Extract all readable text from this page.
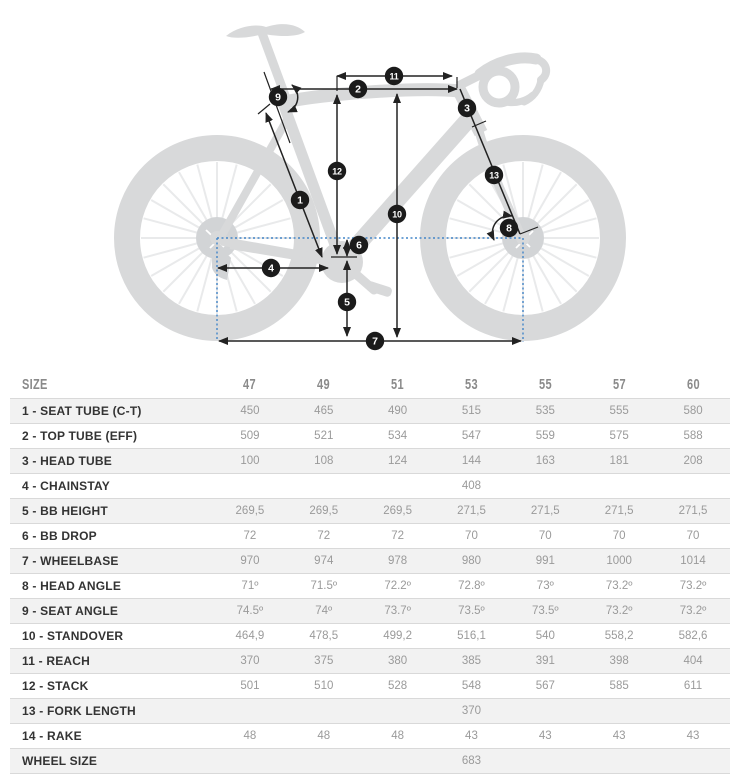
1
2
3
4
5
6
7
8
9
10
11
12	13
SIZE	47	49	51	53	55	57	60
1 - SEAT TUBE (C-T)	450	465	490	515	535	555	580
2 - TOP TUBE (EFF)	509	521	534	547	559	575	588
3 - HEAD TUBE	100	108	124	144	163	181	208
4 - CHAINSTAY				408			
5 - BB HEIGHT	269,5	269,5	269,5	271,5	271,5	271,5	271,5
6 - BB DROP	72	72	72	70	70	70	70
7 - WHEELBASE	970	974	978	980	991	1000	1014
8 - HEAD ANGLE	71º	71.5º	72.2º	72.8º	73º	73.2º	73.2º
9 - SEAT ANGLE	74.5º	74º	73.7º	73.5º	73.5º	73.2º	73.2º
10 - STANDOVER	464,9	478,5	499,2	516,1	540	558,2	582,6
11 - REACH	370	375	380	385	391	398	404
12 - STACK	501	510	528	548	567	585	611
13 - FORK LENGTH				370			
14 - RAKE	48	48	48	43	43	43	43
WHEEL SIZE				683			
